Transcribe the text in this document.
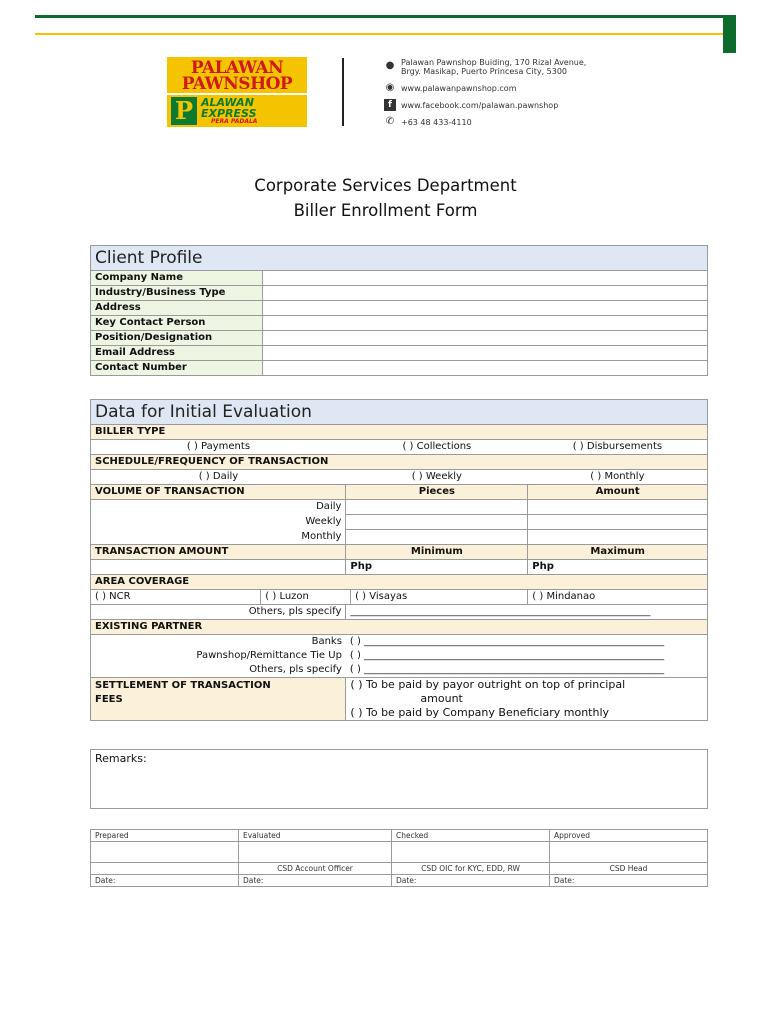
PALAWAN
PAWNSHOP
P ALAWAN
EXPRESS
PERA PADALA
● Palawan Pawnshop Buiding, 170 Rizal Avenue,
Brgy. Masikap, Puerto Princesa City, 5300
◉ www.palawanpawnshop.com
f	www.facebook.com/palawan.pawnshop
✆ +63 48 433-4110
Corporate Services Department
Biller Enrollment Form
Client Profile	
Company Name	
Industry/Business Type	
Address	
Key Contact Person	
Position/Designation	
Email Address	
Contact Number	
Data for Initial Evaluation				
BILLER TYPE				
( ) Payments		( ) Collections		( ) Disbursements
SCHEDULE/FREQUENCY OF TRANSACTION				
( ) Daily		( ) Weekly		( ) Monthly
VOLUME OF TRANSACTION		Pieces		Amount
Daily				
Weekly				
Monthly				
TRANSACTION AMOUNT		Minimum		Maximum
		Php		Php
AREA COVERAGE				
( ) NCR	( ) Luzon		( ) Visayas	( ) Mindanao
Others, pls specify		____________________________________________________________		
EXISTING PARTNER				
Banks		( ) ____________________________________________________________		
Pawnshop/Remittance Tie Up		( ) ____________________________________________________________		
Others, pls specify		( ) ____________________________________________________________		

SETTLEMENT OF TRANSACTION
FEES		( ) To be paid by payor outright on top of principal		
		amount		
		( ) To be paid by Company Beneficiary monthly		
Remarks:
Prepared	Evaluated	Checked	Approved

	CSD Account Officer	CSD OIC for KYC, EDD, RW	CSD Head
Date:	Date:	Date:	Date:
